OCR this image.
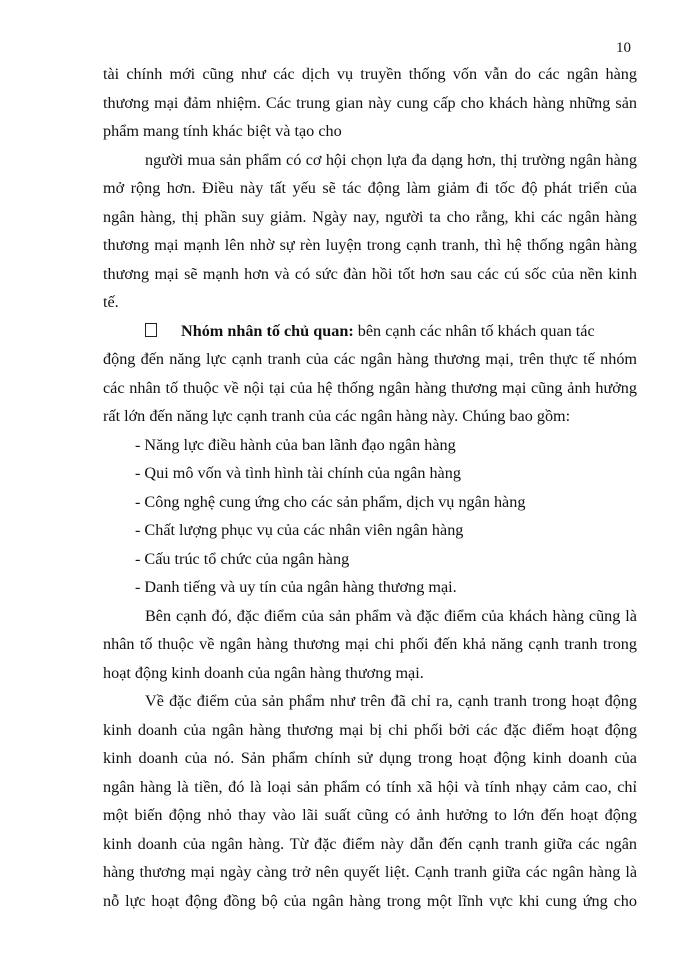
10
tài chính mới cũng như các dịch vụ truyền thống vốn vẫn do các ngân hàng
thương mại đảm nhiệm. Các trung gian này cung cấp cho khách hàng những sản
phẩm mang tính khác biệt và tạo cho
người mua sản phẩm có cơ hội chọn lựa đa dạng hơn, thị trường ngân hàng
mở rộng hơn. Điều này tất yếu sẽ tác động làm giảm đi tốc độ phát triển của
ngân hàng, thị phần suy giảm. Ngày nay, người ta cho rằng, khi các ngân hàng
thương mại mạnh lên nhờ sự rèn luyện trong cạnh tranh, thì hệ thống ngân hàng
thương mại sẽ mạnh hơn và có sức đàn hồi tốt hơn sau các cú sốc của nền kinh
tế.
Nhóm nhân tố chủ quan: bên cạnh các nhân tố khách quan tác
động đến năng lực cạnh tranh của các ngân hàng thương mại, trên thực tế nhóm
các nhân tố thuộc về nội tại của hệ thống ngân hàng thương mại cũng ảnh hưởng
rất lớn đến năng lực cạnh tranh của các ngân hàng này. Chúng bao gồm:
- Năng lực điều hành của ban lãnh đạo ngân hàng
- Qui mô vốn và tình hình tài chính của ngân hàng
- Công nghệ cung ứng cho các sản phẩm, dịch vụ ngân hàng
- Chất lượng phục vụ của các nhân viên ngân hàng
- Cấu trúc tổ chức của ngân hàng
- Danh tiếng và uy tín của ngân hàng thương mại.
Bên cạnh đó, đặc điểm của sản phẩm và đặc điểm của khách hàng cũng là
nhân tố thuộc về ngân hàng thương mại chi phối đến khả năng cạnh tranh trong
hoạt động kinh doanh của ngân hàng thương mại.
Về đặc điểm của sản phẩm như trên đã chỉ ra, cạnh tranh trong hoạt động
kinh doanh của ngân hàng thương mại bị chi phối bởi các đặc điểm hoạt động
kinh doanh của nó. Sản phẩm chính sử dụng trong hoạt động kinh doanh của
ngân hàng là tiền, đó là loại sản phẩm có tính xã hội và tính nhạy cảm cao, chỉ
một biến động nhỏ thay vào lãi suất cũng có ảnh hưởng to lớn đến hoạt động
kinh doanh của ngân hàng. Từ đặc điểm này dẫn đến cạnh tranh giữa các ngân
hàng thương mại ngày càng trở nên quyết liệt. Cạnh tranh giữa các ngân hàng là
nỗ lực hoạt động đồng bộ của ngân hàng trong một lĩnh vực khi cung ứng cho
